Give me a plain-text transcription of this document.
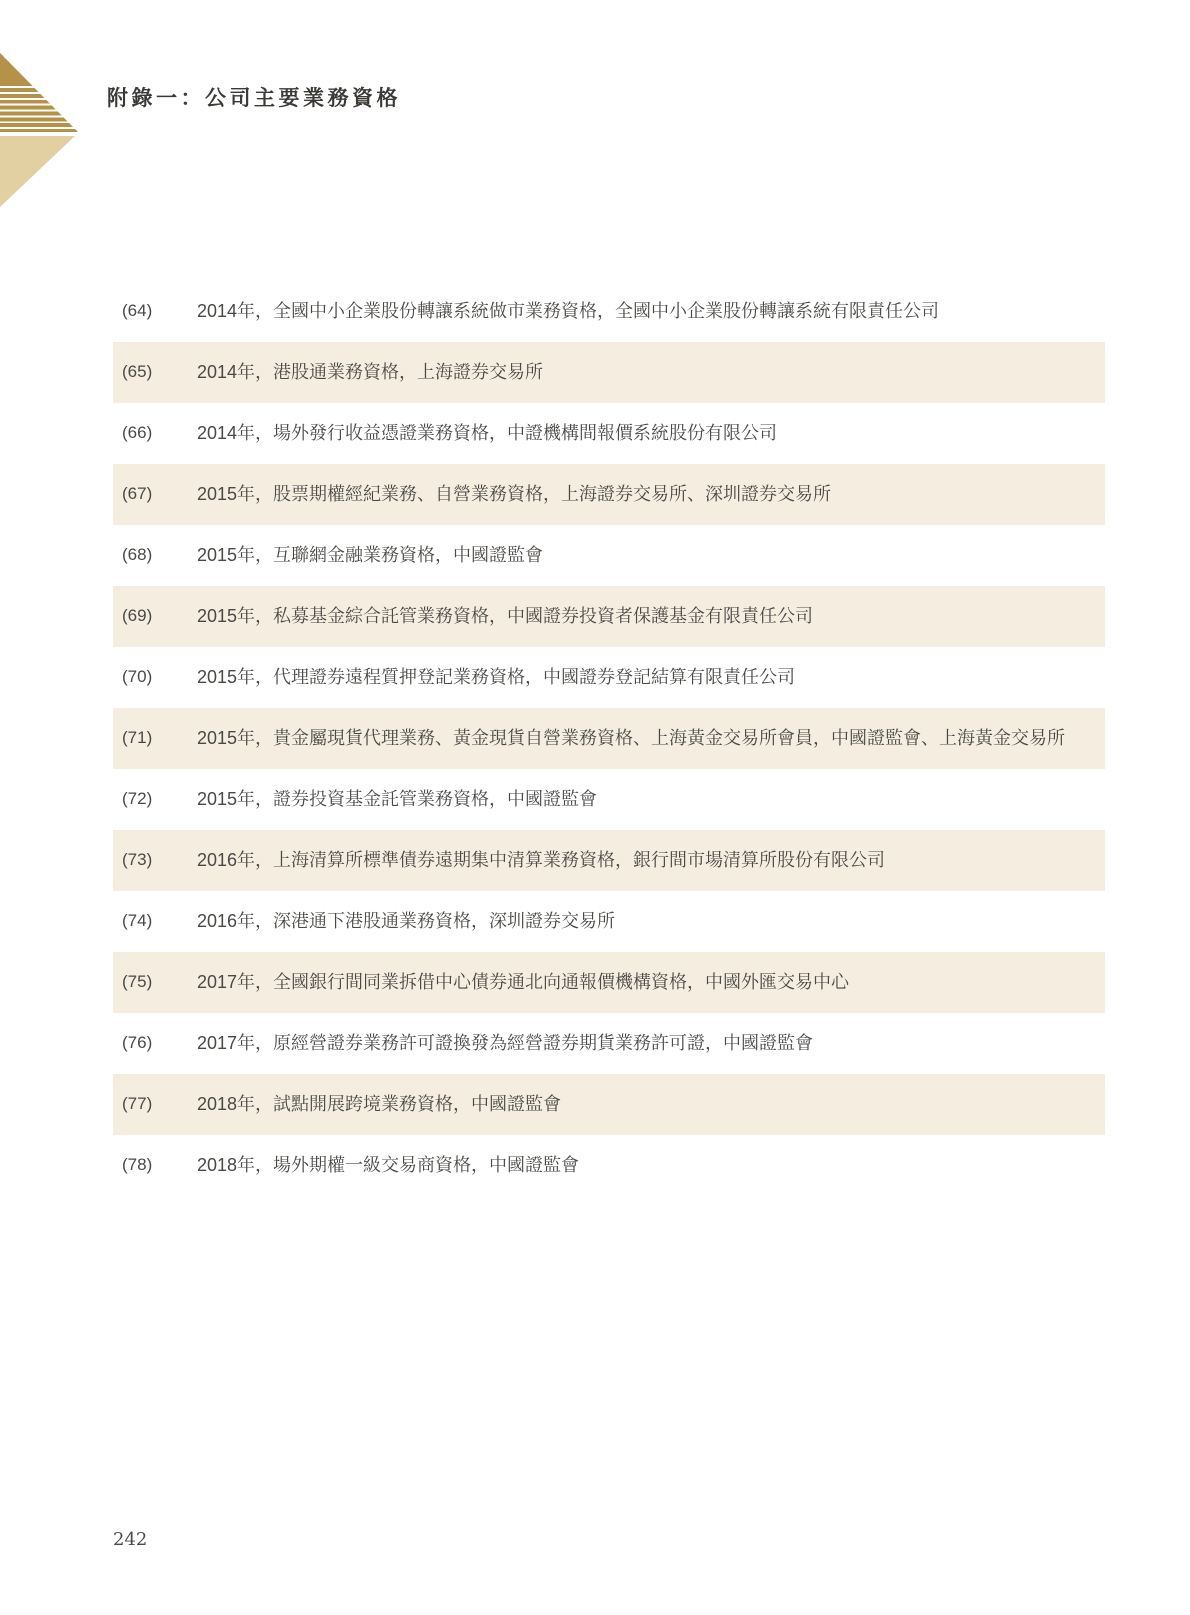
附錄一：公司主要業務資格
(64)	2014年，全國中小企業股份轉讓系統做市業務資格，全國中小企業股份轉讓系統有限責任公司
(65)	2014年，港股通業務資格，上海證券交易所
(66)	2014年，場外發行收益憑證業務資格，中證機構間報價系統股份有限公司
(67)	2015年，股票期權經紀業務、自營業務資格，上海證券交易所、深圳證券交易所
(68)	2015年，互聯網金融業務資格，中國證監會
(69)	2015年，私募基金綜合託管業務資格，中國證券投資者保護基金有限責任公司
(70)	2015年，代理證券遠程質押登記業務資格，中國證券登記結算有限責任公司
(71)	2015年，貴金屬現貨代理業務、黃金現貨自營業務資格、上海黃金交易所會員，中國證監會、上海黃金交易所
(72)	2015年，證券投資基金託管業務資格，中國證監會
(73)	2016年，上海清算所標準債券遠期集中清算業務資格，銀行間市場清算所股份有限公司
(74)	2016年，深港通下港股通業務資格，深圳證券交易所
(75)	2017年，全國銀行間同業拆借中心債券通北向通報價機構資格，中國外匯交易中心
(76)	2017年，原經營證券業務許可證換發為經營證券期貨業務許可證，中國證監會
(77)	2018年，試點開展跨境業務資格，中國證監會
(78)	2018年，場外期權一級交易商資格，中國證監會
242
